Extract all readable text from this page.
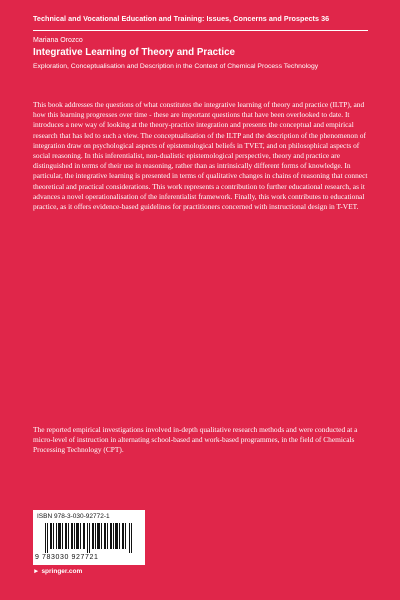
Technical and Vocational Education and Training: Issues, Concerns and Prospects 36
Mariana Orozco
Integrative Learning of Theory and Practice
Exploration, Conceptualisation and Description in the Context of Chemical Process Technology

This book addresses the questions of what constitutes the integrative learning of theory and practice (ILTP), and how this learning progresses over time - these are important questions that have been overlooked to date. It introduces a new way of looking at the theory-practice integration and presents the conceptual and empirical research that has led to such a view. The conceptualisation of the ILTP and the description of the phenomenon of integration draw on psychological aspects of epistemological beliefs in TVET, and on philosophical aspects of social reasoning. In this inferentialist, non-dualistic epistemological perspective, theory and practice are distinguished in terms of their use in reasoning, rather than as intrinsically different forms of knowledge. In particular, the integrative learning is presented in terms of qualitative changes in chains of reasoning that connect theoretical and practical considerations. This work represents a contribution to further educational research, as it advances a novel operationalisation of the inferentialist framework. Finally, this work contributes to educational practice, as it offers evidence-based guidelines for practitioners concerned with instructional design in T-VET.

The reported empirical investigations involved in-depth qualitative research methods and were conducted at a micro-level of instruction in alternating school-based and work-based programmes, in the field of Chemicals Processing Technology (CPT).

ISBN 978-3-030-92772-1
9 783030 927721
► springer.com
